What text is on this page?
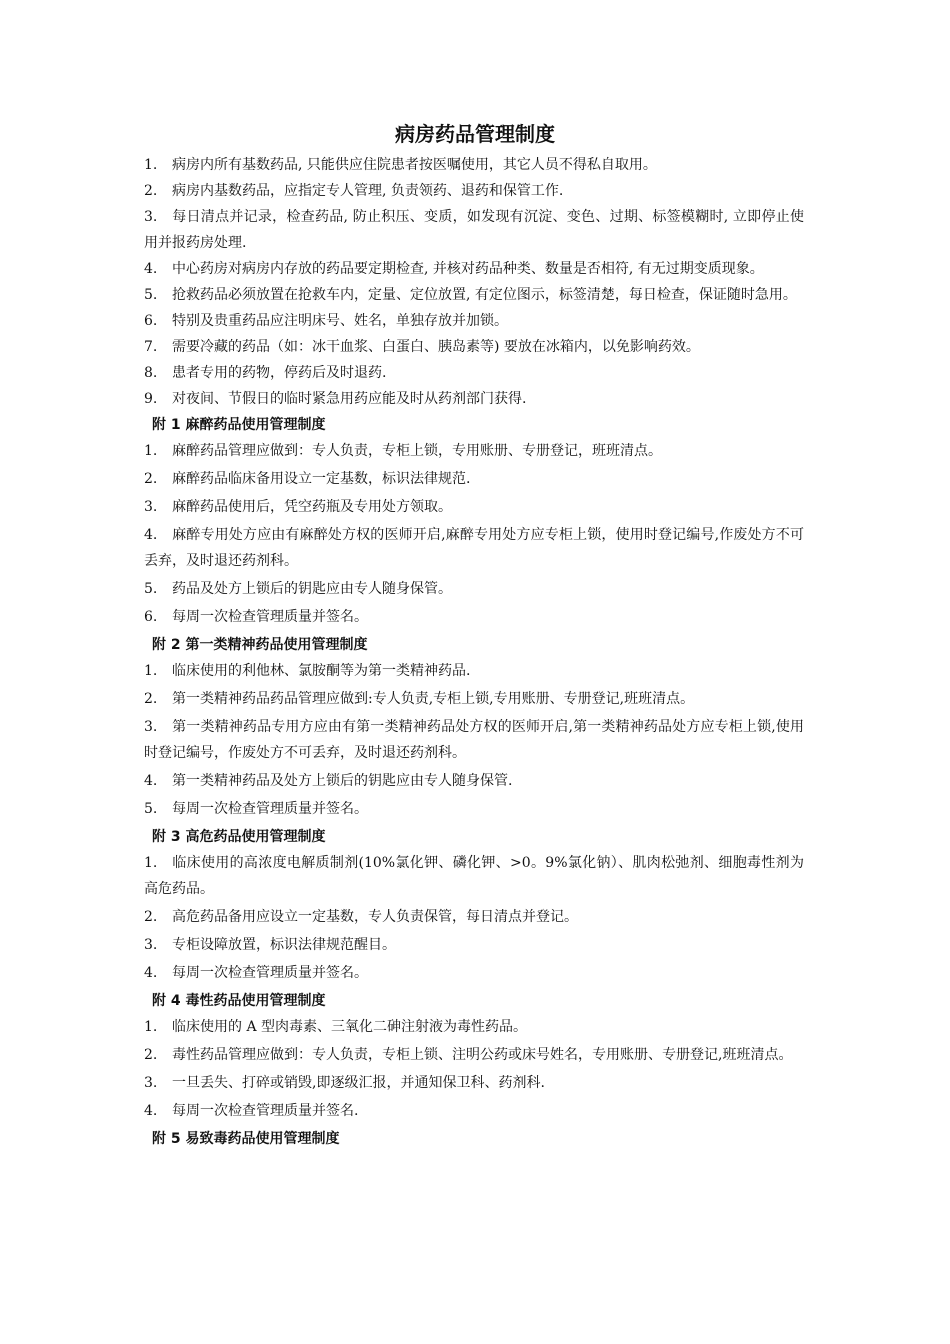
病房药品管理制度

1. 病房内所有基数药品, 只能供应住院患者按医嘱使用，其它人员不得私自取用。

2. 病房内基数药品，应指定专人管理, 负责领药、退药和保管工作.

3. 每日清点并记录，检查药品, 防止积压、变质，如发现有沉淀、变色、过期、标签模糊时, 立即停止使用并报药房处理.

4. 中心药房对病房内存放的药品要定期检查, 并核对药品种类、数量是否相符, 有无过期变质现象。

5. 抢救药品必须放置在抢救车内，定量、定位放置, 有定位图示，标签清楚，每日检查，保证随时急用。

6. 特别及贵重药品应注明床号、姓名，单独存放并加锁。

7. 需要冷藏的药品（如：冰干血浆、白蛋白、胰岛素等) 要放在冰箱内，以免影响药效。

8. 患者专用的药物，停药后及时退药.

9. 对夜间、节假日的临时紧急用药应能及时从药剂部门获得.

附 1 麻醉药品使用管理制度

1. 麻醉药品管理应做到：专人负责，专柜上锁，专用账册、专册登记，班班清点。

2. 麻醉药品临床备用设立一定基数，标识法律规范.

3. 麻醉药品使用后，凭空药瓶及专用处方领取。

4. 麻醉专用处方应由有麻醉处方权的医师开启,麻醉专用处方应专柜上锁，使用时登记编号,作废处方不可丢弃，及时退还药剂科。

5. 药品及处方上锁后的钥匙应由专人随身保管。

6. 每周一次检查管理质量并签名。

附 2 第一类精神药品使用管理制度

1. 临床使用的利他林、氯胺酮等为第一类精神药品.

2. 第一类精神药品药品管理应做到:专人负责,专柜上锁,专用账册、专册登记,班班清点。

3. 第一类精神药品专用方应由有第一类精神药品处方权的医师开启,第一类精神药品处方应专柜上锁,使用时登记编号，作废处方不可丢弃，及时退还药剂科。

4. 第一类精神药品及处方上锁后的钥匙应由专人随身保管.

5. 每周一次检查管理质量并签名。

附 3 高危药品使用管理制度

1. 临床使用的高浓度电解质制剂(10%氯化钾、磷化钾、>0。9%氯化钠）、肌肉松弛剂、细胞毒性剂为高危药品。

2. 高危药品备用应设立一定基数，专人负责保管，每日清点并登记。

3. 专柜设障放置，标识法律规范醒目。

4. 每周一次检查管理质量并签名。

附 4 毒性药品使用管理制度

1. 临床使用的 A 型肉毒素、三氧化二砷注射液为毒性药品。

2. 毒性药品管理应做到：专人负责，专柜上锁、注明公药或床号姓名，专用账册、专册登记,班班清点。

3. 一旦丢失、打碎或销毁,即逐级汇报，并通知保卫科、药剂科.

4. 每周一次检查管理质量并签名.

附 5 易致毒药品使用管理制度
